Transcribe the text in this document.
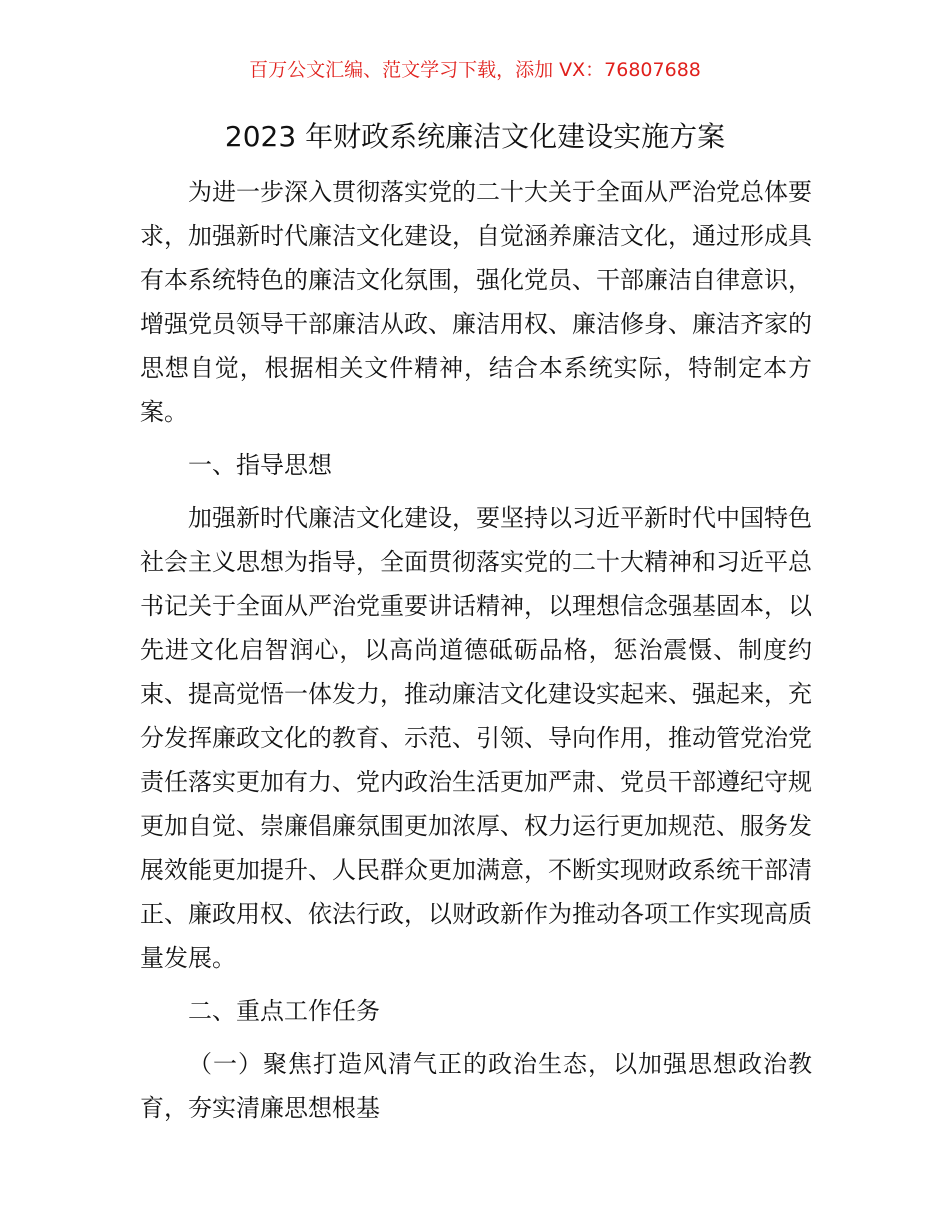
百万公文汇编、范文学习下载，添加 VX：76807688
2023 年财政系统廉洁文化建设实施方案

为进一步深入贯彻落实党的二十大关于全面从严治党总体要求，加强新时代廉洁文化建设，自觉涵养廉洁文化，通过形成具有本系统特色的廉洁文化氛围，强化党员、干部廉洁自律意识，增强党员领导干部廉洁从政、廉洁用权、廉洁修身、廉洁齐家的思想自觉，根据相关文件精神，结合本系统实际，特制定本方案。

一、指导思想

加强新时代廉洁文化建设，要坚持以习近平新时代中国特色社会主义思想为指导，全面贯彻落实党的二十大精神和习近平总书记关于全面从严治党重要讲话精神，以理想信念强基固本，以先进文化启智润心，以高尚道德砥砺品格，惩治震慑、制度约束、提高觉悟一体发力，推动廉洁文化建设实起来、强起来，充分发挥廉政文化的教育、示范、引领、导向作用，推动管党治党责任落实更加有力、党内政治生活更加严肃、党员干部遵纪守规更加自觉、崇廉倡廉氛围更加浓厚、权力运行更加规范、服务发展效能更加提升、人民群众更加满意，不断实现财政系统干部清正、廉政用权、依法行政，以财政新作为推动各项工作实现高质量发展。

二、重点工作任务

（一）聚焦打造风清气正的政治生态，以加强思想政治教育，夯实清廉思想根基
